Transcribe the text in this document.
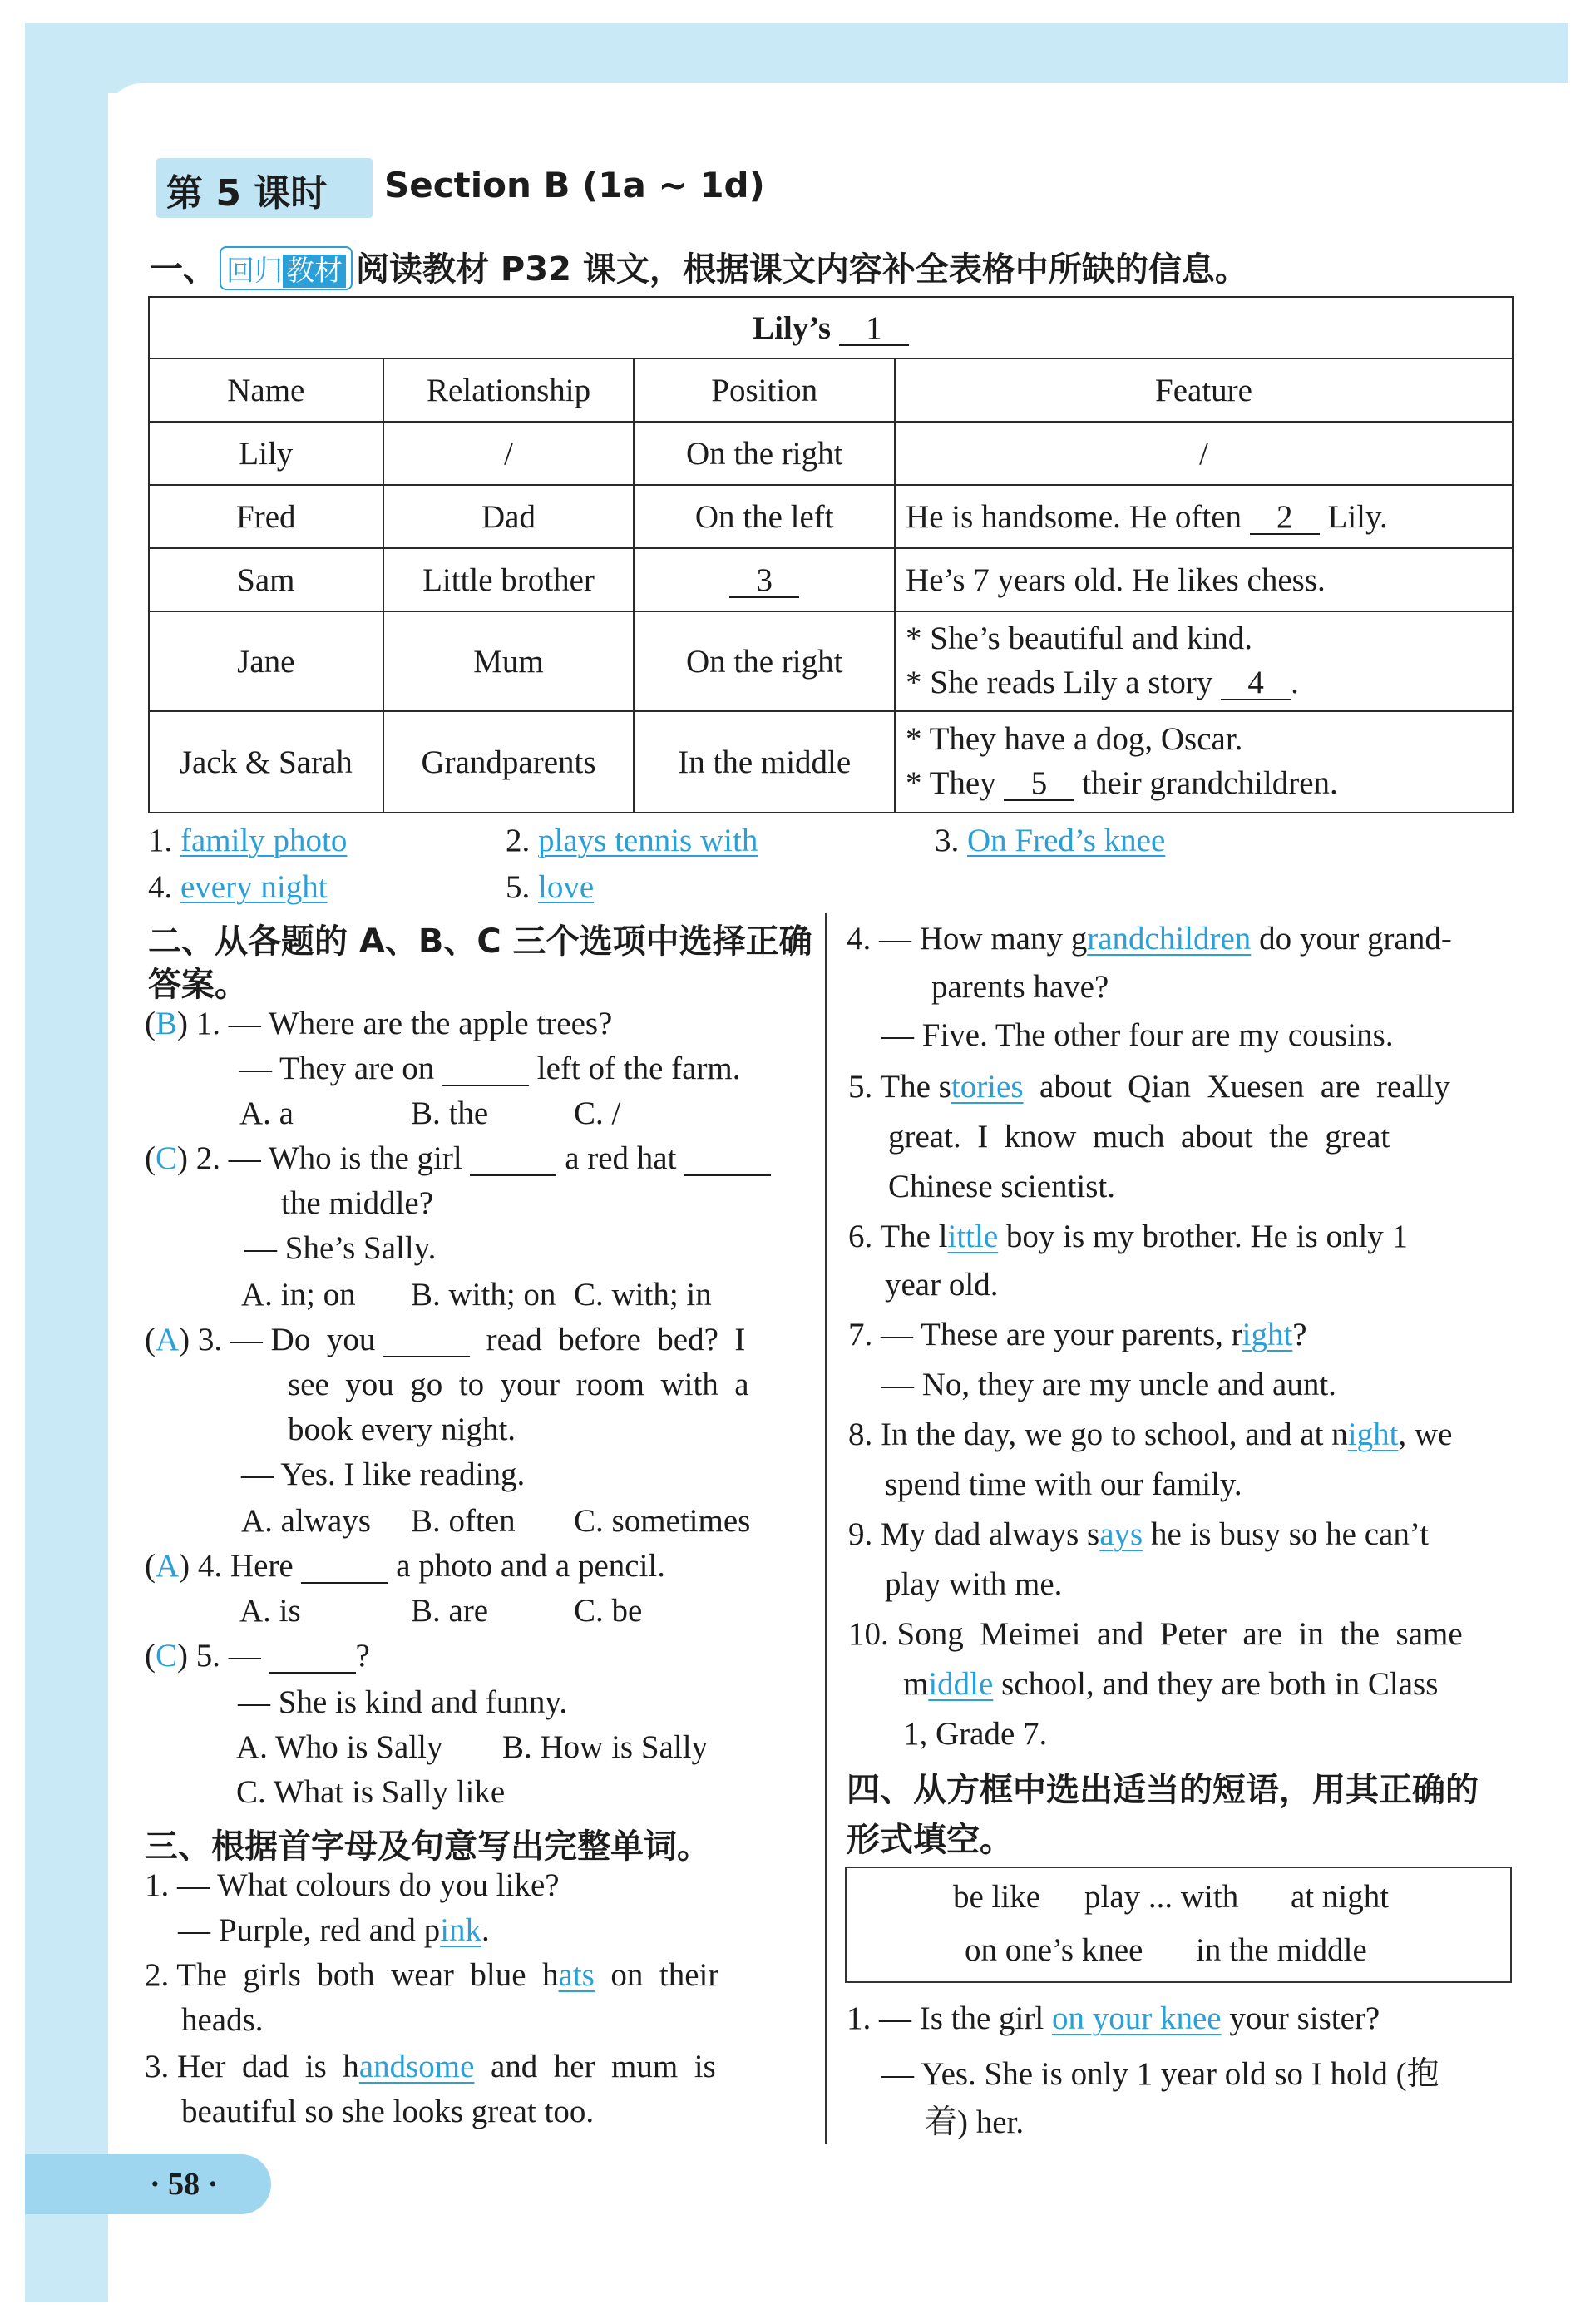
第 5 课时 Section B (1a ~ 1d)
一、 回归 教材 阅读教材 P32 课文，根据课文内容补全表格中所缺的信息。
Lily’s 1			
Name	Relationship	Position	Feature
Lily	/	On the right	/
Fred	Dad	On the left	He is handsome. He often 2 Lily.
Sam	Little brother	3	He’s 7 years old. He likes chess.
Jane	Mum	On the right	* She’s beautiful and kind.
* She reads Lily a story 4 .

Jack & Sarah	Grandparents	In the middle	* They have a dog, Oscar.
* They 5 their grandchildren.
1. family photo	2. plays tennis with	3. On Fred’s knee
4. every night	5. love
二、从各题的 A、B、C 三个选项中选择正确
答案。
(B) 1. — Where are the apple trees?
— They are on	left of the farm.
A. a	B. the	C. /
(C) 2. — Who is the girl	a red hat
the middle?
— She’s Sally.
A. in; on B. with; on C. with; in
(A) 3. — Do  you	read  before  bed?  I
see  you  go  to  your  room  with  a
book every night.
— Yes. I like reading.
A. always B. often C. sometimes
(A) 4. Here	a photo and a pencil.
A. is	B. are	C. be
(C) 5. —	?
— She is kind and funny.
A. Who is Sally B. How is Sally
C. What is Sally like
三、根据首字母及句意写出完整单词。
1. — What colours do you like?
— Purple, red and pink.
2. The  girls  both  wear  blue  hats on  their
heads.
3. Her  dad  is  handsome and  her  mum  is
beautiful so she looks great too.
4. — How many grandchildren do your grand-
parents have?
— Five. The other four are my cousins.
5. The stories about  Qian  Xuesen  are  really
great.  I  know  much  about  the  great
Chinese scientist.
6. The little boy is my brother. He is only 1
year old.
7. — These are your parents, right?
— No, they are my uncle and aunt.
8. In the day, we go to school, and at night, we
spend time with our family.
9. My dad always says he is busy so he can’t
play with me.
10. Song  Meimei  and  Peter  are  in  the  same
middle school, and they are both in Class
1, Grade 7.
四、从方框中选出适当的短语，用其正确的
形式填空。
be like play ... with at night
on one’s knee in the middle
1. — Is the girl on your knee your sister?
— Yes. She is only 1 year old so I hold (抱
着) her.
· 58 ·
